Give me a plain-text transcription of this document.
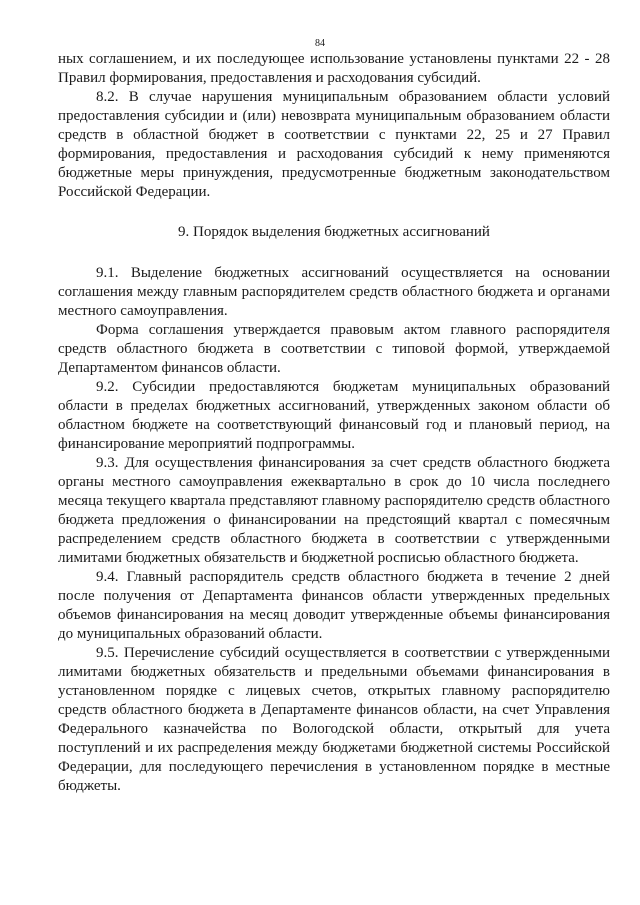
84

ных соглашением, и их последующее использование установлены пунктами 22 - 28 Правил формирования, предоставления и расходования субсидий.

8.2. В случае нарушения муниципальным образованием области условий предоставления субсидии и (или) невозврата муниципальным образованием области средств в областной бюджет в соответствии с пунктами 22, 25 и 27 Правил формирования, предоставления и расходования субсидий к нему применяются бюджетные меры принуждения, предусмотренные бюджетным законодательством Российской Федерации.

9. Порядок выделения бюджетных ассигнований

9.1. Выделение бюджетных ассигнований осуществляется на основании соглашения между главным распорядителем средств областного бюджета и органами местного самоуправления.

Форма соглашения утверждается правовым актом главного распорядителя средств областного бюджета в соответствии с типовой формой, утверждаемой Департаментом финансов области.

9.2. Субсидии предоставляются бюджетам муниципальных образований области в пределах бюджетных ассигнований, утвержденных законом области об областном бюджете на соответствующий финансовый год и плановый период, на финансирование мероприятий подпрограммы.

9.3. Для осуществления финансирования за счет средств областного бюджета органы местного самоуправления ежеквартально в срок до 10 числа последнего месяца текущего квартала представляют главному распорядителю средств областного бюджета предложения о финансировании на предстоящий квартал с помесячным распределением средств областного бюджета в соответствии с утвержденными лимитами бюджетных обязательств и бюджетной росписью областного бюджета.

9.4. Главный распорядитель средств областного бюджета в течение 2 дней после получения от Департамента финансов области утвержденных предельных объемов финансирования на месяц доводит утвержденные объемы финансирования до муниципальных образований области.

9.5. Перечисление субсидий осуществляется в соответствии с утвержденными лимитами бюджетных обязательств и предельными объемами финансирования в установленном порядке с лицевых счетов, открытых главному распорядителю средств областного бюджета в Департаменте финансов области, на счет Управления Федерального казначейства по Вологодской области, открытый для учета поступлений и их распределения между бюджетами бюджетной системы Российской Федерации, для последующего перечисления в установленном порядке в местные бюджеты.
